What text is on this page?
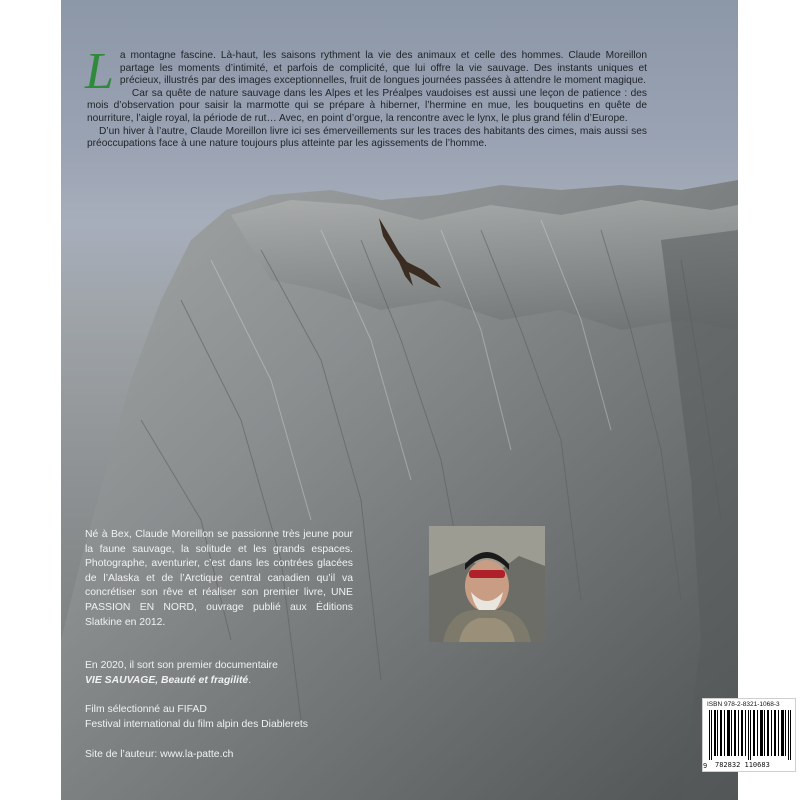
ISBN 978-2-8321-1068-3
9 782832 110683

La montagne fascine. Là-haut, les saisons rythment la vie des animaux et celle des hommes. Claude Moreillon partage les moments d’intimité, et parfois de complicité, que lui offre la vie sauvage. Des instants uniques et précieux, illustrés par des images exceptionnelles, fruit de longues journées passées à attendre le moment magique.

Car sa quête de nature sauvage dans les Alpes et les Préalpes vaudoises est aussi une leçon de patience : des mois d’observation pour saisir la marmotte qui se prépare à hiberner, l’hermine en mue, les bouquetins en quête de nourriture, l’aigle royal, la période de rut… Avec, en point d’orgue, la rencontre avec le lynx, le plus grand félin d’Europe.

D’un hiver à l’autre, Claude Moreillon livre ici ses émerveillements sur les traces des habitants des cimes, mais aussi ses préoccupations face à une nature toujours plus atteinte par les agissements de l’homme.

Né à Bex, Claude Moreillon se passionne très jeune pour la faune sauvage, la solitude et les grands espaces. Photographe, aventurier, c’est dans les contrées glacées de l’Alaska et de l’Arctique central canadien qu’il va concrétiser son rêve et réaliser son premier livre, UNE PASSION EN NORD, ouvrage publié aux Éditions Slatkine en 2012.

En 2020, il sort son premier documentaire
VIE SAUVAGE, Beauté et fragilité.
Film sélectionné au FIFAD
Festival international du film alpin des Diablerets
Site de l’auteur: www.la-patte.ch
